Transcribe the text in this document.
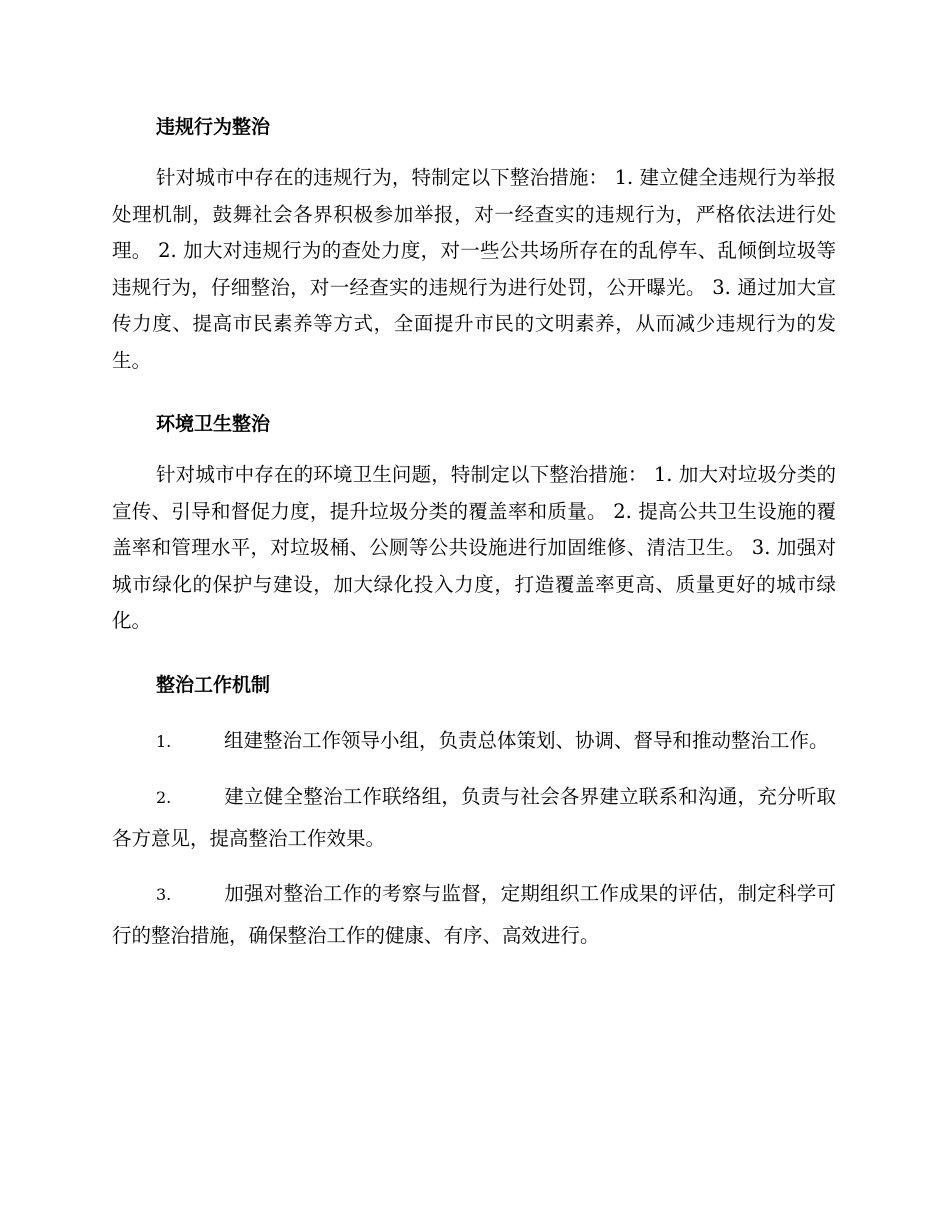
违规行为整治

针对城市中存在的违规行为，特制定以下整治措施： 1. 建立健全违规行为举报处理机制，鼓舞社会各界积极参加举报，对一经查实的违规行为，严格依法进行处理。 2. 加大对违规行为的查处力度，对一些公共场所存在的乱停车、乱倾倒垃圾等违规行为，仔细整治，对一经查实的违规行为进行处罚，公开曝光。 3. 通过加大宣传力度、提高市民素养等方式，全面提升市民的文明素养，从而减少违规行为的发生。

环境卫生整治

针对城市中存在的环境卫生问题，特制定以下整治措施： 1. 加大对垃圾分类的宣传、引导和督促力度，提升垃圾分类的覆盖率和质量。 2. 提高公共卫生设施的覆盖率和管理水平，对垃圾桶、公厕等公共设施进行加固维修、清洁卫生。 3. 加强对城市绿化的保护与建设，加大绿化投入力度，打造覆盖率更高、质量更好的城市绿化。

整治工作机制

1.	组建整治工作领导小组，负责总体策划、协调、督导和推动整治工作。

2.	建立健全整治工作联络组，负责与社会各界建立联系和沟通，充分听取各方意见，提高整治工作效果。

3.	加强对整治工作的考察与监督，定期组织工作成果的评估，制定科学可行的整治措施，确保整治工作的健康、有序、高效进行。
